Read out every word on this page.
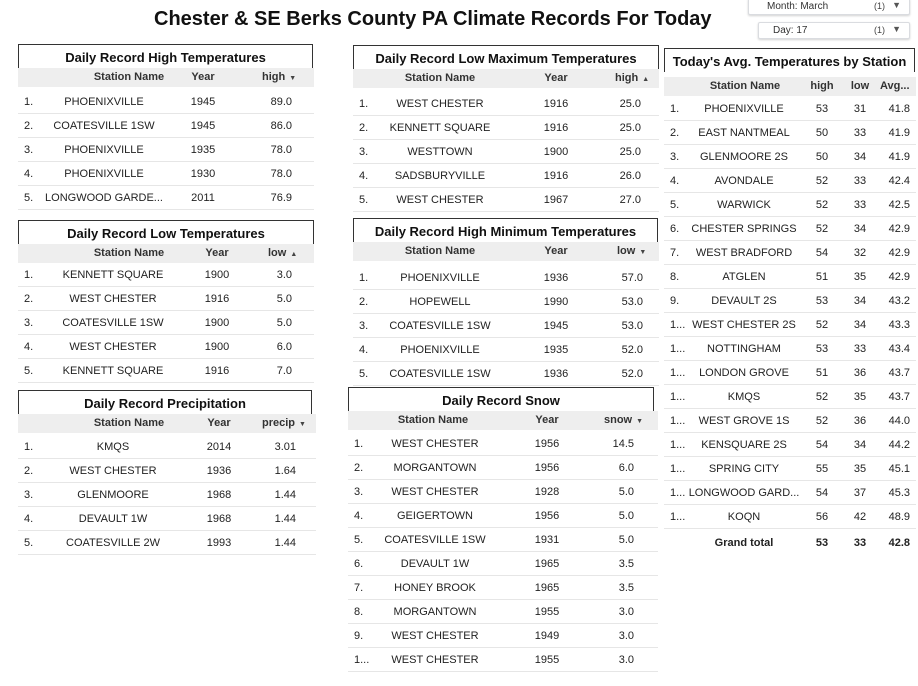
Chester & SE Berks County PA Climate Records For Today
Month: March	(1) ▼
Day: 17	(1) ▼
Daily Record High Temperatures
Station Name	Year	high ▼
1.	PHOENIXVILLE	1945	89.0
2.	COATESVILLE 1SW	1945	86.0
3.	PHOENIXVILLE	1935	78.0
4.	PHOENIXVILLE	1930	78.0
5.	LONGWOOD GARDE...	2011	76.9
Daily Record Low Temperatures
Station Name	Year	low ▲
1.	KENNETT SQUARE	1900	3.0
2.	WEST CHESTER	1916	5.0
3.	COATESVILLE 1SW	1900	5.0
4.	WEST CHESTER	1900	6.0
5.	KENNETT SQUARE	1916	7.0
Daily Record Precipitation
Station Name	Year	precip ▼
1.	KMQS	2014	3.01
2.	WEST CHESTER	1936	1.64
3.	GLENMOORE	1968	1.44
4.	DEVAULT 1W	1968	1.44
5.	COATESVILLE 2W	1993	1.44
Daily Record Low Maximum Temperatures
Station Name	Year	high ▲
1.	WEST CHESTER	1916	25.0
2.	KENNETT SQUARE	1916	25.0
3.	WESTTOWN	1900	25.0
4.	SADSBURYVILLE	1916	26.0
5.	WEST CHESTER	1967	27.0
Daily Record High Minimum Temperatures
Station Name	Year	low ▼
1.	PHOENIXVILLE	1936	57.0
2.	HOPEWELL	1990	53.0
3.	COATESVILLE 1SW	1945	53.0
4.	PHOENIXVILLE	1935	52.0
5.	COATESVILLE 1SW	1936	52.0
Daily Record Snow
Station Name	Year	snow ▼
1.	WEST CHESTER	1956	14.5
2.	MORGANTOWN	1956	6.0
3.	WEST CHESTER	1928	5.0
4.	GEIGERTOWN	1956	5.0
5.	COATESVILLE 1SW	1931	5.0
6.	DEVAULT 1W	1965	3.5
7.	HONEY BROOK	1965	3.5
8.	MORGANTOWN	1955	3.0
9.	WEST CHESTER	1949	3.0
1...	WEST CHESTER	1955	3.0
Today's Avg. Temperatures by Station
Station Name	high low Avg...
1.	PHOENIXVILLE	53	31	41.8
2.	EAST NANTMEAL	50	33	41.9
3.	GLENMOORE 2S	50	34	41.9
4.	AVONDALE	52	33	42.4
5.	WARWICK	52	33	42.5
6.	CHESTER SPRINGS	52	34	42.9
7.	WEST BRADFORD	54	32	42.9
8.	ATGLEN	51	35	42.9
9.	DEVAULT 2S	53	34	43.2
1... WEST CHESTER 2S	52	34	43.3
1...	NOTTINGHAM	53	33	43.4
1...	LONDON GROVE	51	36	43.7
1...	KMQS	52	35	43.7
1...	WEST GROVE 1S	52	36	44.0
1...	KENSQUARE 2S	54	34	44.2
1...	SPRING CITY	55	35	45.1
1... LONGWOOD GARD...	54	37	45.3
1...	KOQN	56	42	48.9
Grand total	53	33	42.8
